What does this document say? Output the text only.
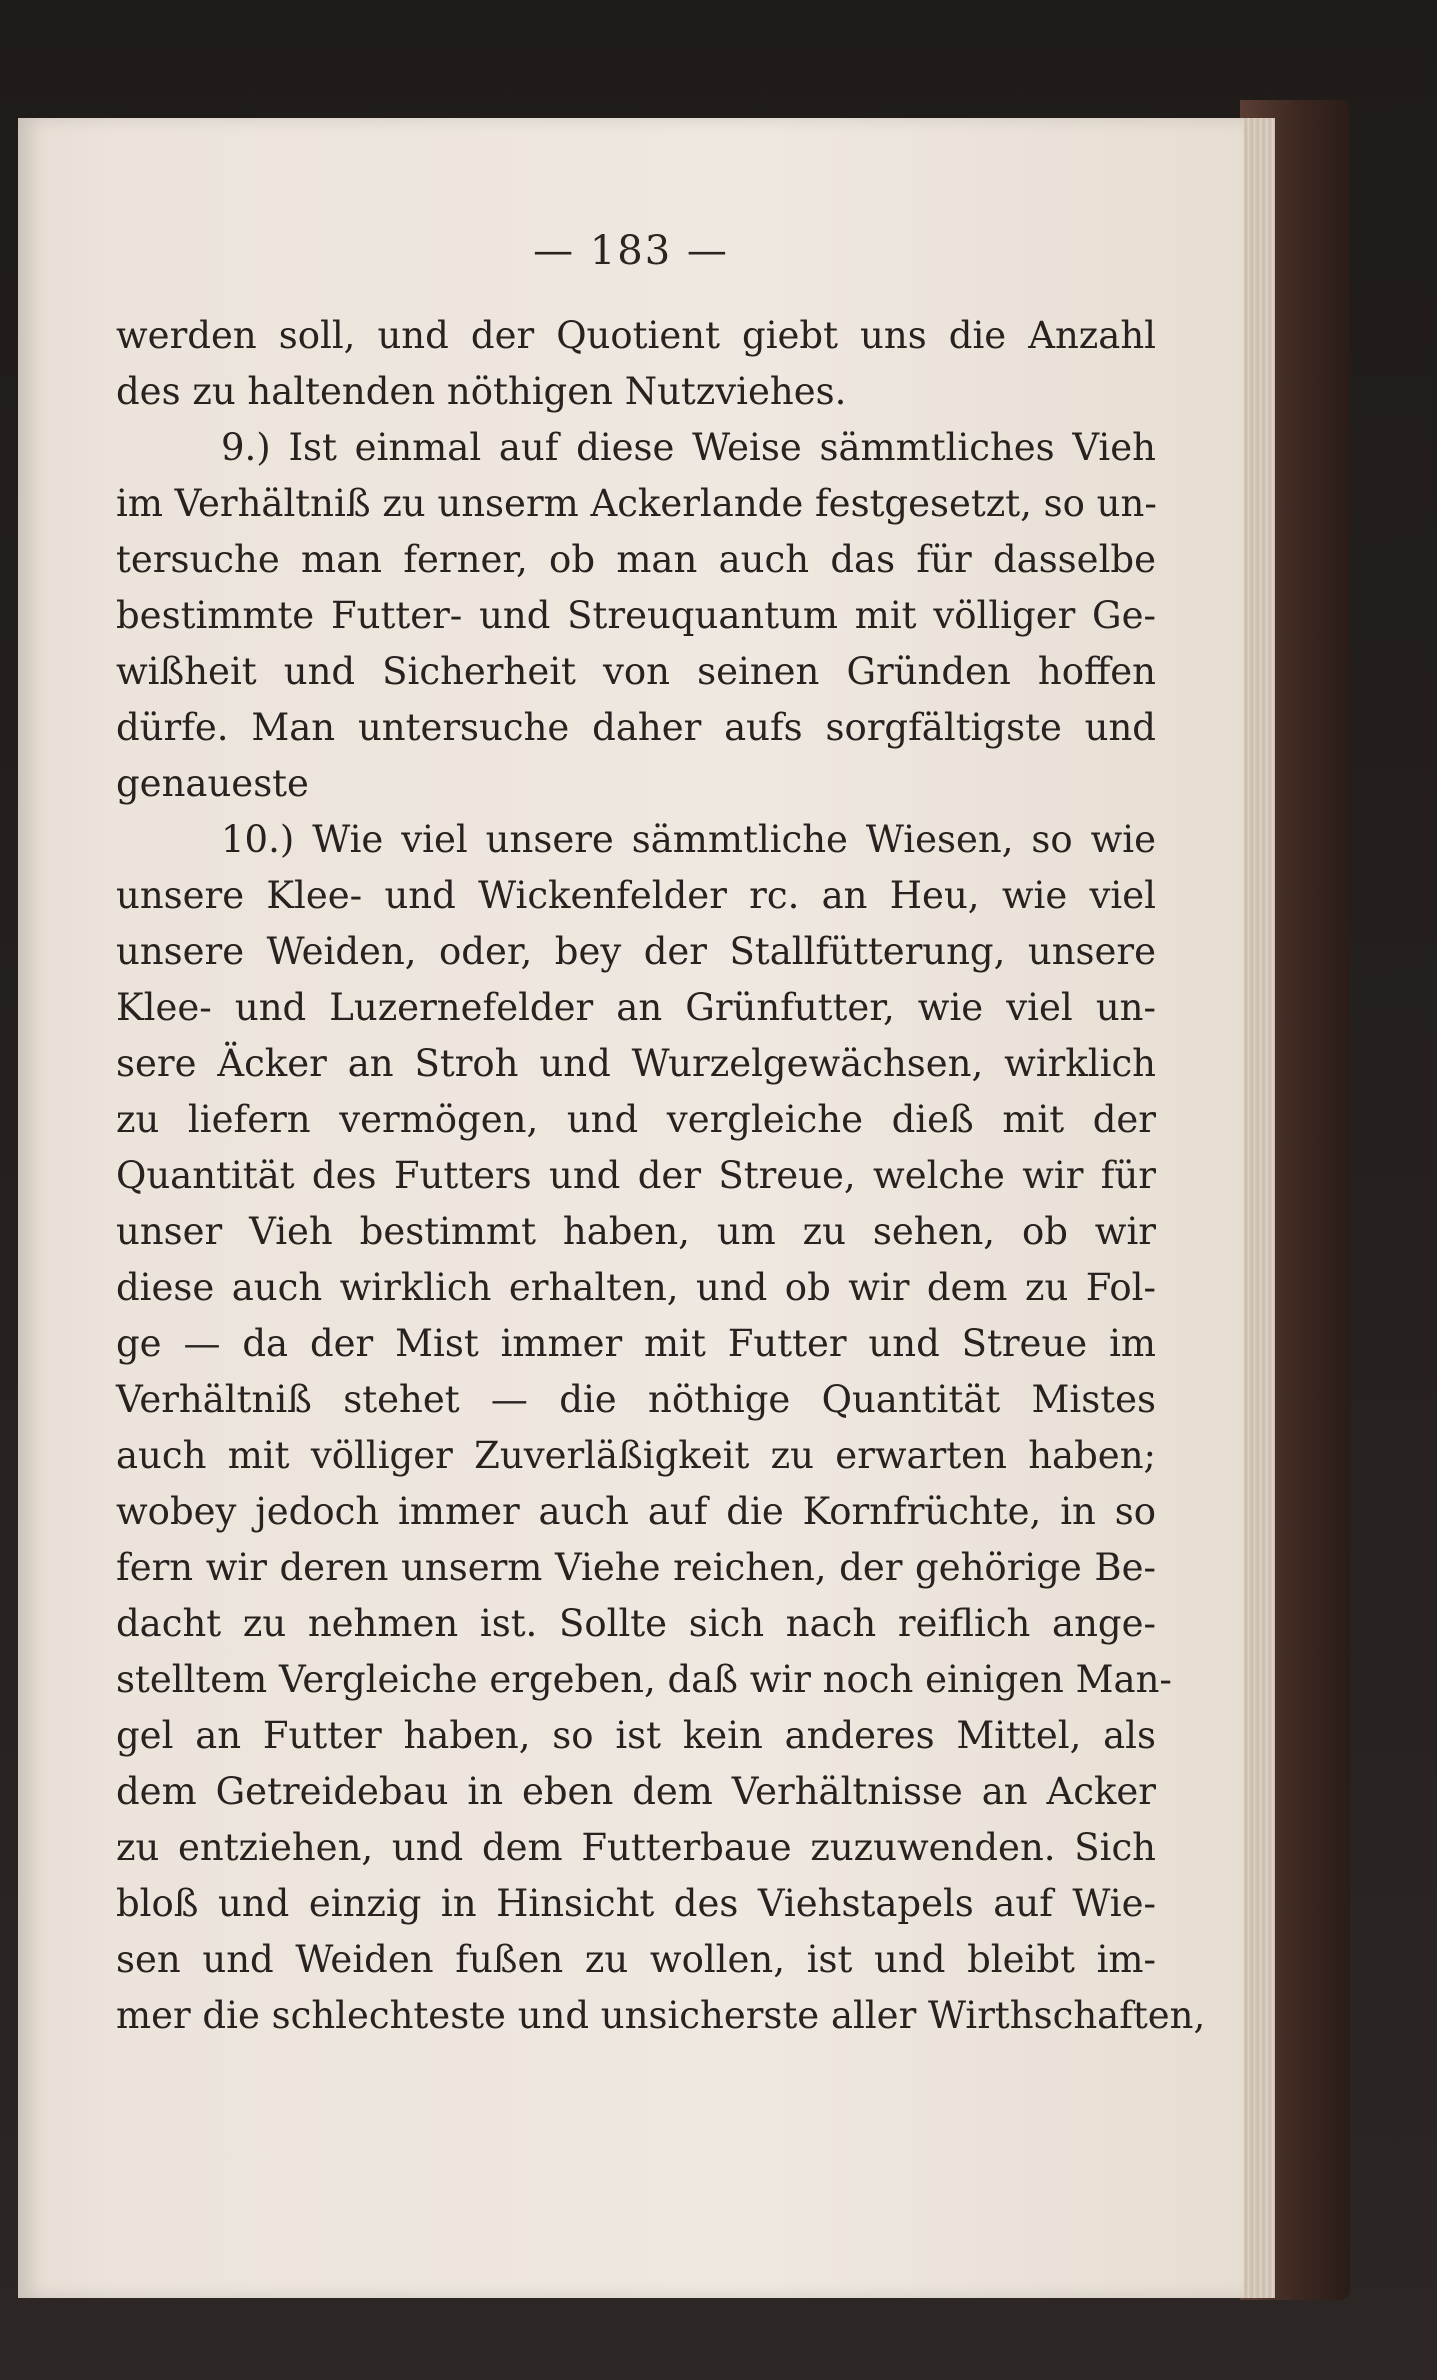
— 183 —
werden soll, und der Quotient giebt uns die Anzahl
des zu haltenden nöthigen Nutzviehes.
9.) Ist einmal auf diese Weise sämmtliches Vieh
im Verhältniß zu unserm Ackerlande festgesetzt, so un-
tersuche man ferner, ob man auch das für dasselbe
bestimmte Futter- und Streuquantum mit völliger Ge-
wißheit und Sicherheit von seinen Gründen hoffen
dürfe. Man untersuche daher aufs sorgfältigste und
genaueste
10.) Wie viel unsere sämmtliche Wiesen, so wie
unsere Klee- und Wickenfelder rc. an Heu, wie viel
unsere Weiden, oder, bey der Stallfütterung, unsere
Klee- und Luzernefelder an Grünfutter, wie viel un-
sere Äcker an Stroh und Wurzelgewächsen, wirklich
zu liefern vermögen, und vergleiche dieß mit der
Quantität des Futters und der Streue, welche wir für
unser Vieh bestimmt haben, um zu sehen, ob wir
diese auch wirklich erhalten, und ob wir dem zu Fol-
ge — da der Mist immer mit Futter und Streue im
Verhältniß stehet — die nöthige Quantität Mistes
auch mit völliger Zuverläßigkeit zu erwarten haben;
wobey jedoch immer auch auf die Kornfrüchte, in so
fern wir deren unserm Viehe reichen, der gehörige Be-
dacht zu nehmen ist. Sollte sich nach reiflich ange-
stelltem Vergleiche ergeben, daß wir noch einigen Man-
gel an Futter haben, so ist kein anderes Mittel, als
dem Getreidebau in eben dem Verhältnisse an Acker
zu entziehen, und dem Futterbaue zuzuwenden. Sich
bloß und einzig in Hinsicht des Viehstapels auf Wie-
sen und Weiden fußen zu wollen, ist und bleibt im-
mer die schlechteste und unsicherste aller Wirthschaften,
